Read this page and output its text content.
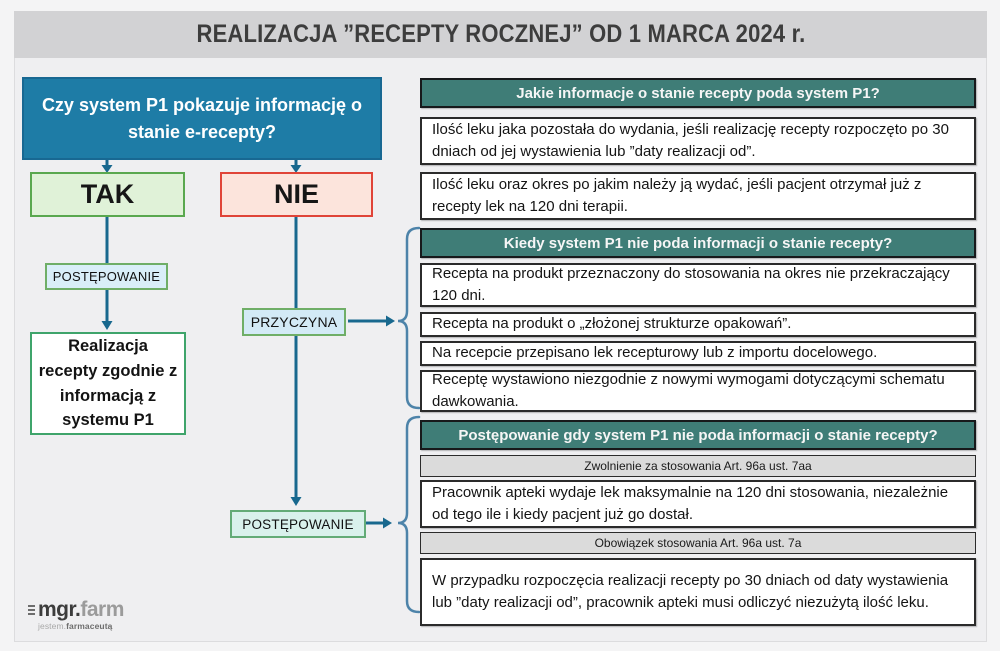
REALIZACJA ”RECEPTY ROCZNEJ” OD 1 MARCA 2024 r.
Czy system P1 pokazuje informację o stanie e-recepty?
TAK	NIE
POSTĘPOWANIE
Realizacja recepty zgodnie z informacją z systemu P1
PRZYCZYNA
POSTĘPOWANIE
Jakie informacje o stanie recepty poda system P1?
Ilość leku jaka pozostała do wydania, jeśli realizację recepty rozpoczęto po 30 dniach od jej wystawienia lub ”daty realizacji od”.
Ilość leku oraz okres po jakim należy ją wydać, jeśli pacjent otrzymał już z recepty lek na 120 dni terapii.
Kiedy system P1 nie poda informacji o stanie recepty?
Recepta na produkt przeznaczony do stosowania na okres nie przekraczający 120 dni.
Recepta na produkt o „złożonej strukturze opakowań”.
Na recepcie przepisano lek recepturowy lub z importu docelowego.
Receptę wystawiono niezgodnie z nowymi wymogami dotyczącymi schematu dawkowania.
Postępowanie gdy system P1 nie poda informacji o stanie recepty?
Zwolnienie za stosowania Art. 96a ust. 7aa
Pracownik apteki wydaje lek maksymalnie na 120 dni stosowania, niezależnie od tego ile i kiedy pacjent już go dostał.
Obowiązek stosowania Art. 96a ust. 7a
W przypadku rozpoczęcia realizacji recepty po 30 dniach od daty wystawienia lub ”daty realizacji od”, pracownik apteki musi odliczyć niezużytą ilość leku.
mgr.farm
jestem.farmaceutą
